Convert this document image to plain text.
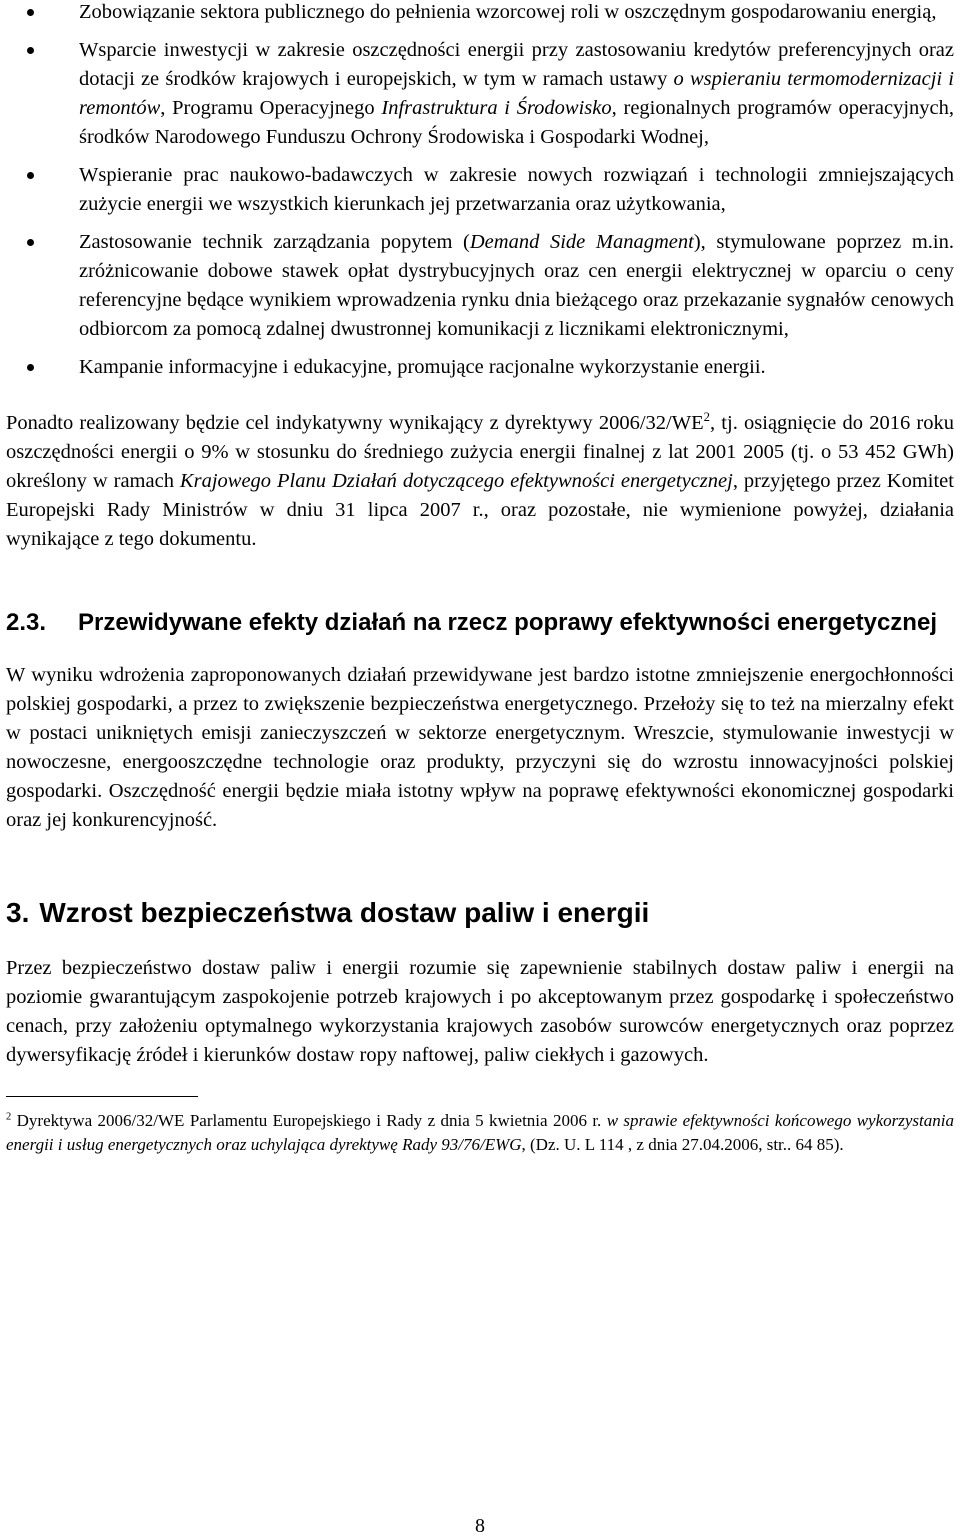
Zobowiązanie sektora publicznego do pełnienia wzorcowej roli w oszczędnym gospodarowaniu energią,
Wsparcie inwestycji w zakresie oszczędności energii przy zastosowaniu kredytów preferencyjnych oraz dotacji ze środków krajowych i europejskich, w tym w ramach ustawy o wspieraniu termomodernizacji i remontów, Programu Operacyjnego Infrastruktura i Środowisko, regionalnych programów operacyjnych, środków Narodowego Funduszu Ochrony Środowiska i Gospodarki Wodnej,
Wspieranie prac naukowo-badawczych w zakresie nowych rozwiązań i technologii zmniejszających zużycie energii we wszystkich kierunkach jej przetwarzania oraz użytkowania,
Zastosowanie technik zarządzania popytem (Demand Side Managment), stymulowane poprzez m.in. zróżnicowanie dobowe stawek opłat dystrybucyjnych oraz cen energii elektrycznej w oparciu o ceny referencyjne będące wynikiem wprowadzenia rynku dnia bieżącego oraz przekazanie sygnałów cenowych odbiorcom za pomocą zdalnej dwustronnej komunikacji z licznikami elektronicznymi,
Kampanie informacyjne i edukacyjne, promujące racjonalne wykorzystanie energii.

Ponadto realizowany będzie cel indykatywny wynikający z dyrektywy $2006/32/WE^2$, tj. osiągnięcie do 2016 roku oszczędności energii o 9% w stosunku do średniego zużycia energii finalnej z lat 2001 2005 (tj. o 53 452 GWh) określony w ramach Krajowego Planu Działań dotyczącego efektywności energetycznej, przyjętego przez Komitet Europejski Rady Ministrów w dniu 31 lipca 2007 r., oraz pozostałe, nie wymienione powyżej, działania wynikające z tego dokumentu.

2.3.	Przewidywane efekty działań na rzecz poprawy efektywności energetycznej

W wyniku wdrożenia zaproponowanych działań przewidywane jest bardzo istotne zmniejszenie energochłonności polskiej gospodarki, a przez to zwiększenie bezpieczeństwa energetycznego. Przełoży się to też na mierzalny efekt w postaci unikniętych emisji zanieczyszczeń w sektorze energetycznym. Wreszcie, stymulowanie inwestycji w nowoczesne, energooszczędne technologie oraz produkty, przyczyni się do wzrostu innowacyjności polskiej gospodarki. Oszczędność energii będzie miała istotny wpływ na poprawę efektywności ekonomicznej gospodarki oraz jej konkurencyjność.

3. Wzrost bezpieczeństwa dostaw paliw i energii

Przez bezpieczeństwo dostaw paliw i energii rozumie się zapewnienie stabilnych dostaw paliw i energii na poziomie gwarantującym zaspokojenie potrzeb krajowych i po akceptowanym przez gospodarkę i społeczeństwo cenach, przy założeniu optymalnego wykorzystania krajowych zasobów surowców energetycznych oraz poprzez dywersyfikację źródeł i kierunków dostaw ropy naftowej, paliw ciekłych i gazowych.

$^2$ Dyrektywa 2006/32/WE Parlamentu Europejskiego i Rady z dnia 5 kwietnia 2006 r. w sprawie efektywności końcowego wykorzystania energii i usług energetycznych oraz uchylająca dyrektywę Rady 93/76/EWG, (Dz. U. L 114 , z dnia 27.04.2006, str.. 64 85).

8
